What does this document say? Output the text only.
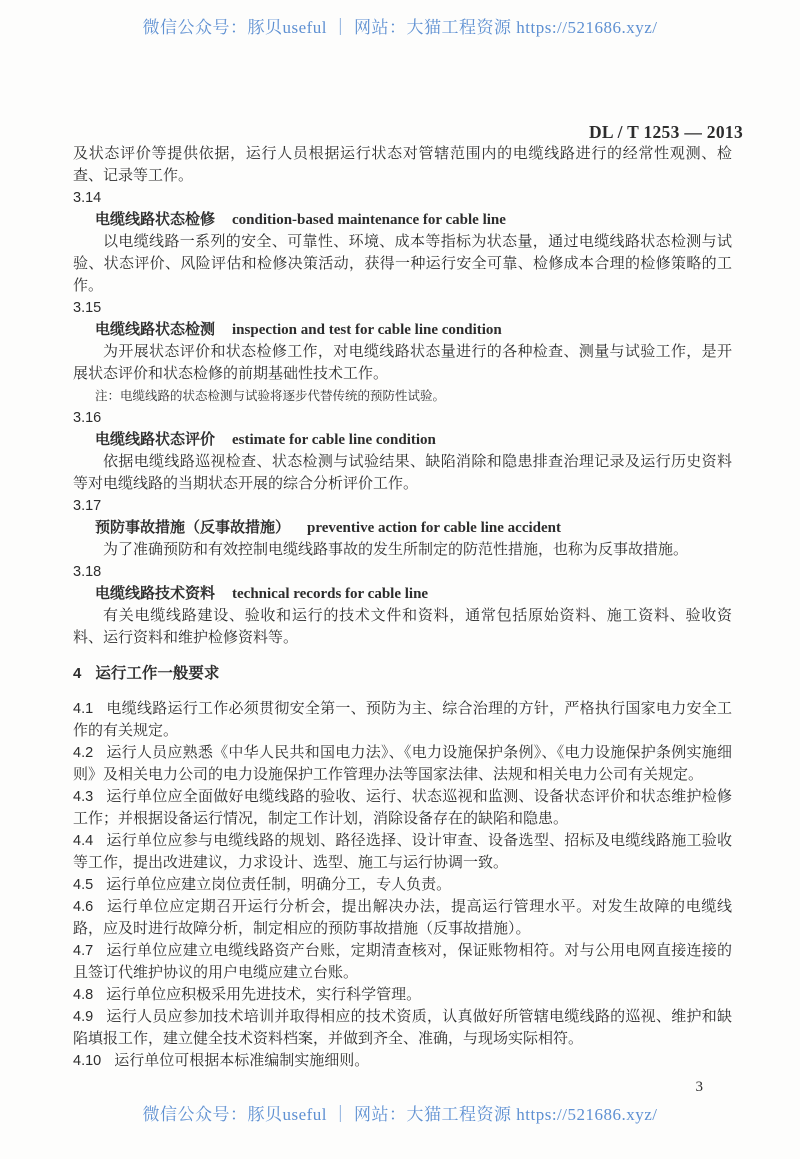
微信公众号：豚贝useful ｜ 网站：大猫工程资源 https://521686.xyz/
DL / T 1253 — 2013

及状态评价等提供依据，运行人员根据运行状态对管辖范围内的电缆线路进行的经常性观测、检查、记录等工作。

3.14

电缆线路状态检修 condition-based maintenance for cable line

以电缆线路一系列的安全、可靠性、环境、成本等指标为状态量，通过电缆线路状态检测与试验、状态评价、风险评估和检修决策活动，获得一种运行安全可靠、检修成本合理的检修策略的工作。

3.15

电缆线路状态检测 inspection and test for cable line condition

为开展状态评价和状态检修工作，对电缆线路状态量进行的各种检查、测量与试验工作，是开展状态评价和状态检修的前期基础性技术工作。

注：电缆线路的状态检测与试验将逐步代替传统的预防性试验。

3.16

电缆线路状态评价 estimate for cable line condition

依据电缆线路巡视检查、状态检测与试验结果、缺陷消除和隐患排查治理记录及运行历史资料等对电缆线路的当期状态开展的综合分析评价工作。

3.17

预防事故措施（反事故措施） preventive action for cable line accident

为了准确预防和有效控制电缆线路事故的发生所制定的防范性措施，也称为反事故措施。

3.18

电缆线路技术资料 technical records for cable line

有关电缆线路建设、验收和运行的技术文件和资料，通常包括原始资料、施工资料、验收资料、运行资料和维护检修资料等。

4 运行工作一般要求

4.1 电缆线路运行工作必须贯彻安全第一、预防为主、综合治理的方针，严格执行国家电力安全工作的有关规定。

4.2 运行人员应熟悉《中华人民共和国电力法》、《电力设施保护条例》、《电力设施保护条例实施细则》及相关电力公司的电力设施保护工作管理办法等国家法律、法规和相关电力公司有关规定。

4.3 运行单位应全面做好电缆线路的验收、运行、状态巡视和监测、设备状态评价和状态维护检修工作；并根据设备运行情况，制定工作计划，消除设备存在的缺陷和隐患。

4.4 运行单位应参与电缆线路的规划、路径选择、设计审查、设备选型、招标及电缆线路施工验收等工作，提出改进建议，力求设计、选型、施工与运行协调一致。

4.5 运行单位应建立岗位责任制，明确分工，专人负责。

4.6 运行单位应定期召开运行分析会，提出解决办法，提高运行管理水平。对发生故障的电缆线路，应及时进行故障分析，制定相应的预防事故措施（反事故措施）。

4.7 运行单位应建立电缆线路资产台账，定期清查核对，保证账物相符。对与公用电网直接连接的且签订代维护协议的用户电缆应建立台账。

4.8 运行单位应积极采用先进技术，实行科学管理。

4.9 运行人员应参加技术培训并取得相应的技术资质，认真做好所管辖电缆线路的巡视、维护和缺陷填报工作，建立健全技术资料档案，并做到齐全、准确，与现场实际相符。

4.10 运行单位可根据本标准编制实施细则。

3
微信公众号：豚贝useful ｜ 网站：大猫工程资源 https://521686.xyz/
